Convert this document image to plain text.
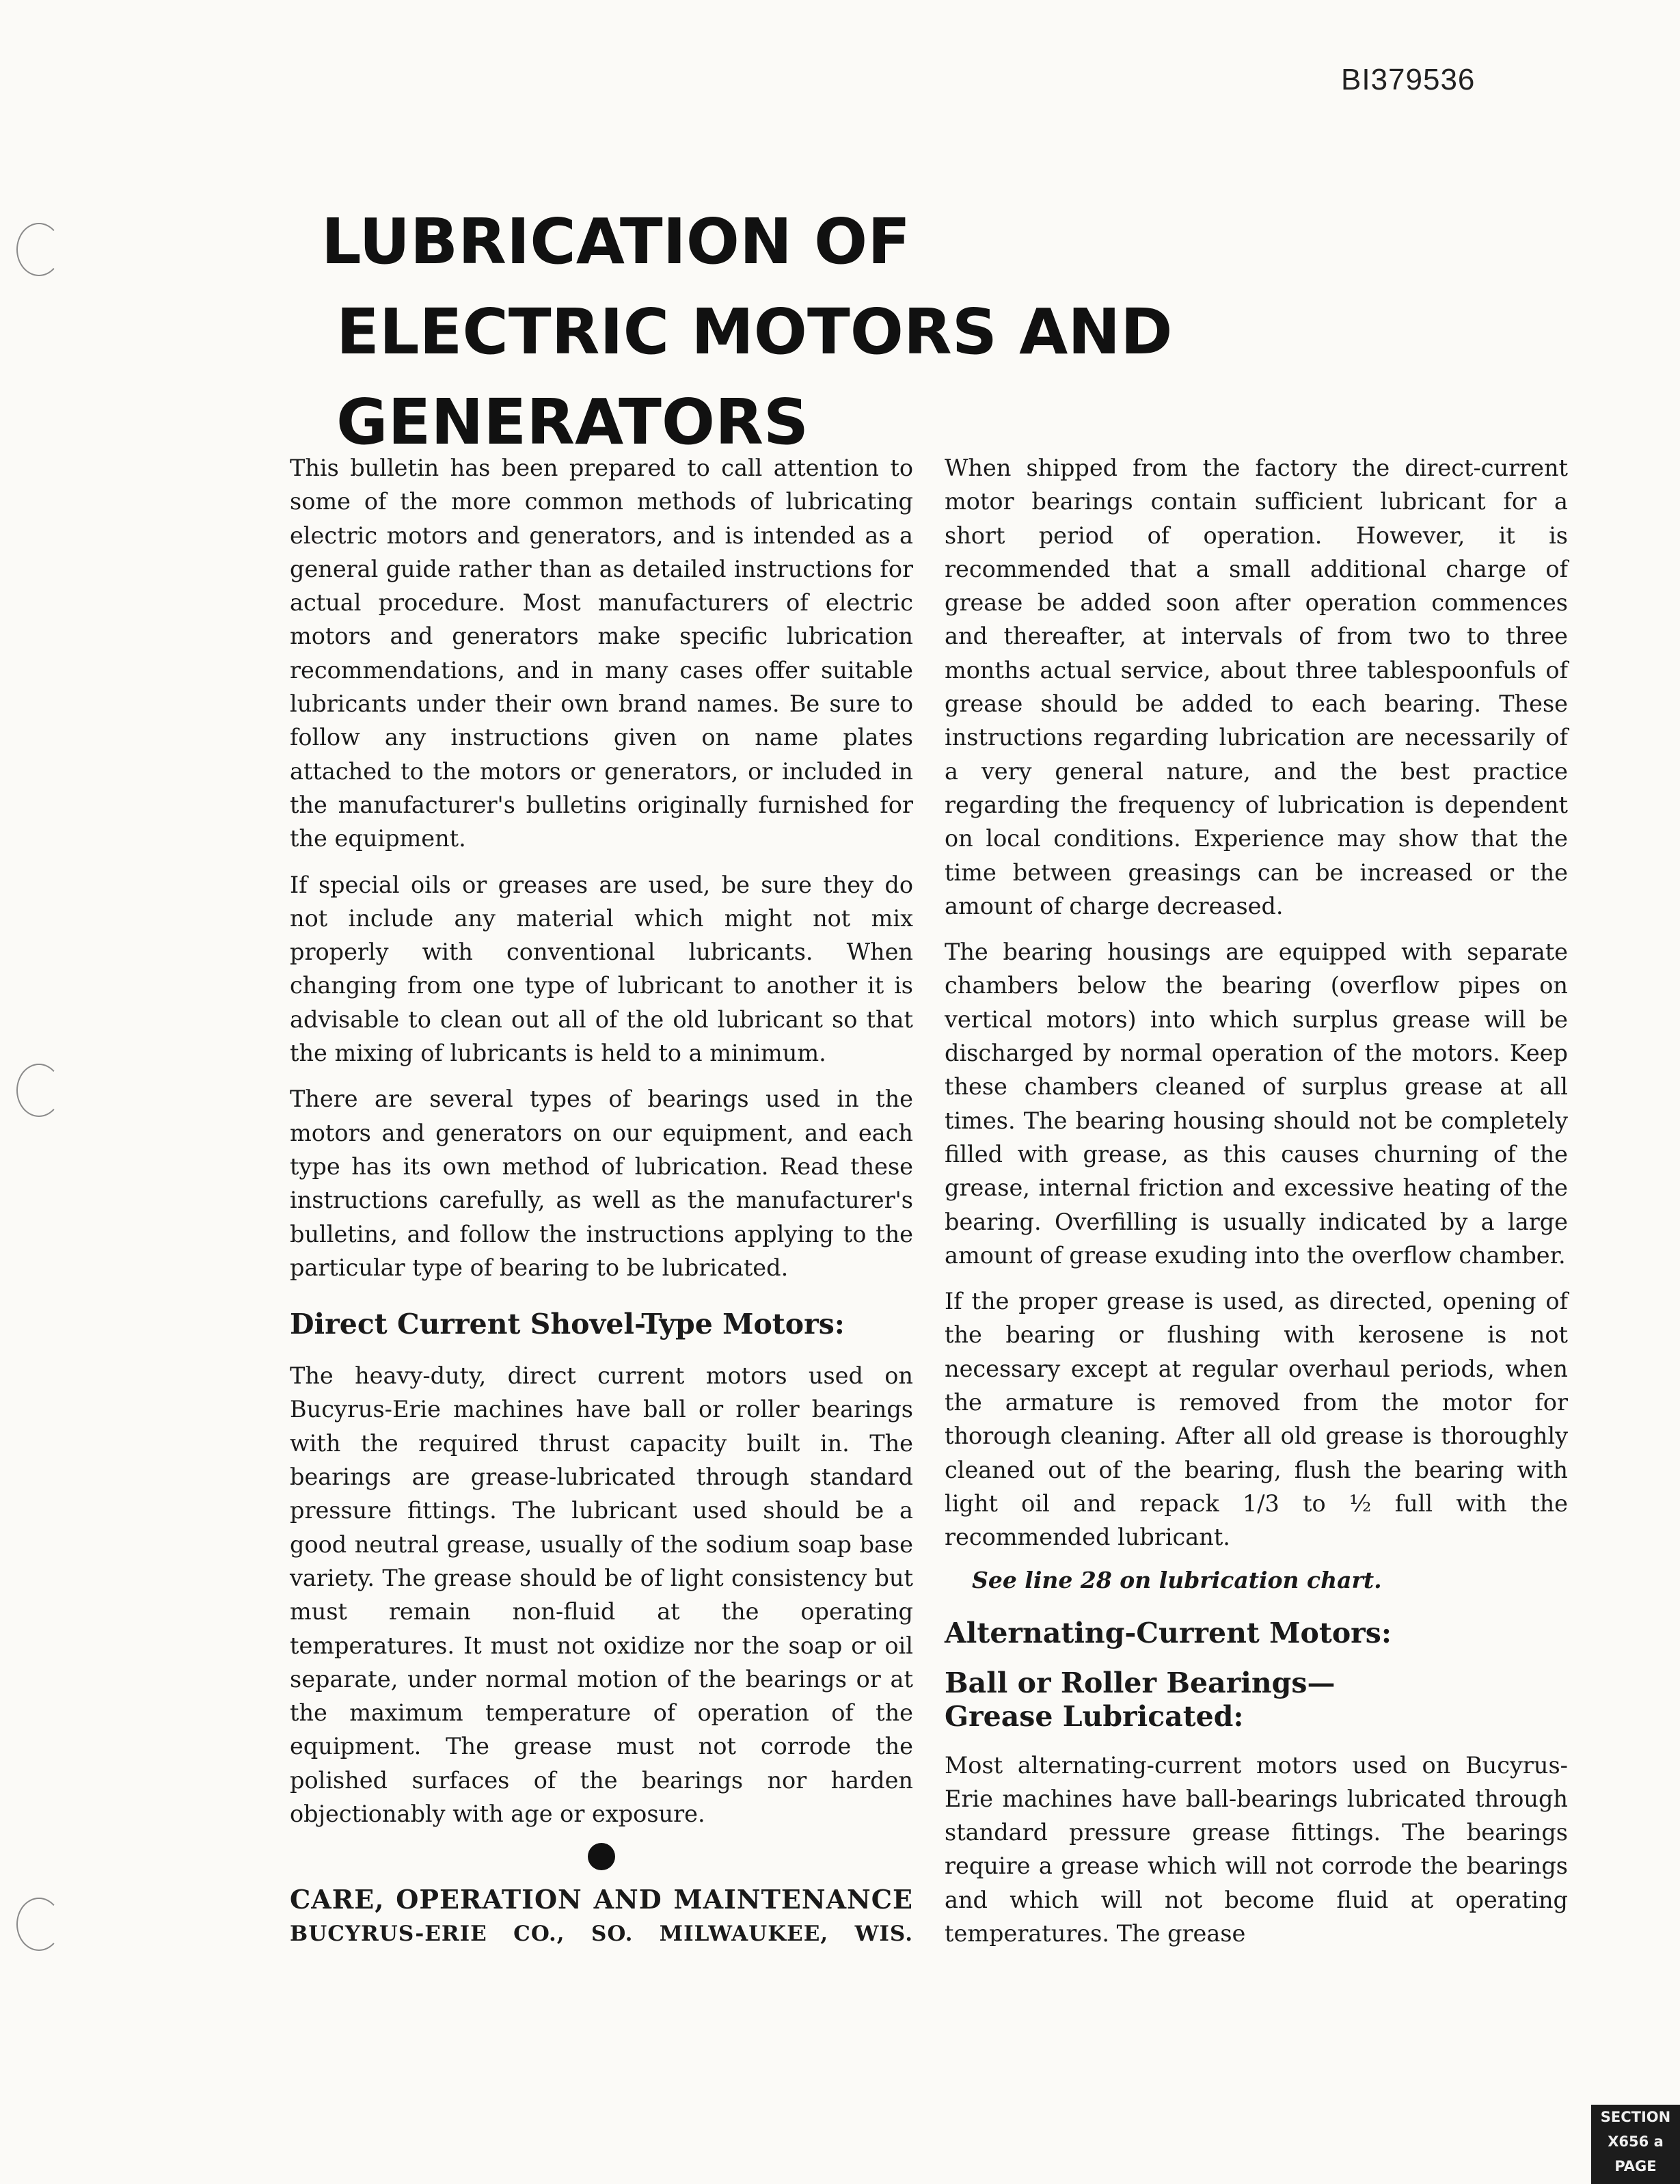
BI379536
LUBRICATION OF

ELECTRIC MOTORS AND GENERATORS

This bulletin has been prepared to call attention to some of the more common methods of lubricating electric motors and generators, and is intended as a general guide rather than as detailed instructions for actual procedure. Most manufacturers of electric motors and generators make specific lubrication recommendations, and in many cases offer suitable lubricants under their own brand names. Be sure to follow any instructions given on name plates attached to the motors or generators, or included in the manufacturer's bulletins originally furnished for the equipment.

If special oils or greases are used, be sure they do not include any material which might not mix properly with conventional lubricants. When changing from one type of lubricant to another it is advisable to clean out all of the old lubricant so that the mixing of lubricants is held to a minimum.

There are several types of bearings used in the motors and generators on our equipment, and each type has its own method of lubrication. Read these instructions carefully, as well as the manufacturer's bulletins, and follow the instructions applying to the particular type of bearing to be lubricated.

Direct Current Shovel-Type Motors:

The heavy-duty, direct current motors used on Bucyrus-Erie machines have ball or roller bearings with the required thrust capacity built in. The bearings are grease-lubricated through standard pressure fittings. The lubricant used should be a good neutral grease, usually of the sodium soap base variety. The grease should be of light consistency but must remain non-fluid at the operating temperatures. It must not oxidize nor the soap or oil separate, under normal motion of the bearings or at the maximum temperature of operation of the equipment. The grease must not corrode the polished surfaces of the bearings nor harden objectionably with age or exposure.

CARE, OPERATION AND MAINTENANCE
BUCYRUS-ERIE CO., SO. MILWAUKEE, WIS.

When shipped from the factory the direct-current motor bearings contain sufficient lubricant for a short period of operation. However, it is recommended that a small additional charge of grease be added soon after operation commences and thereafter, at intervals of from two to three months actual service, about three tablespoonfuls of grease should be added to each bearing. These instructions regarding lubrication are necessarily of a very general nature, and the best practice regarding the frequency of lubrication is dependent on local conditions. Experience may show that the time between greasings can be increased or the amount of charge decreased.

The bearing housings are equipped with separate chambers below the bearing (overflow pipes on vertical motors) into which surplus grease will be discharged by normal operation of the motors. Keep these chambers cleaned of surplus grease at all times. The bearing housing should not be completely filled with grease, as this causes churning of the grease, internal friction and excessive heating of the bearing. Overfilling is usually indicated by a large amount of grease exuding into the overflow chamber.

If the proper grease is used, as directed, opening of the bearing or flushing with kerosene is not necessary except at regular overhaul periods, when the armature is removed from the motor for thorough cleaning. After all old grease is thoroughly cleaned out of the bearing, flush the bearing with light oil and repack 1/3 to ½ full with the recommended lubricant.

See line 28 on lubrication chart.
Alternating-Current Motors:
Ball or Roller Bearings—
Grease Lubricated:

Most alternating-current motors used on Bucyrus-Erie machines have ball-bearings lubricated through standard pressure grease fittings. The bearings require a grease which will not corrode the bearings and which will not become fluid at operating temperatures. The grease

SECTION
X656 a
PAGE
